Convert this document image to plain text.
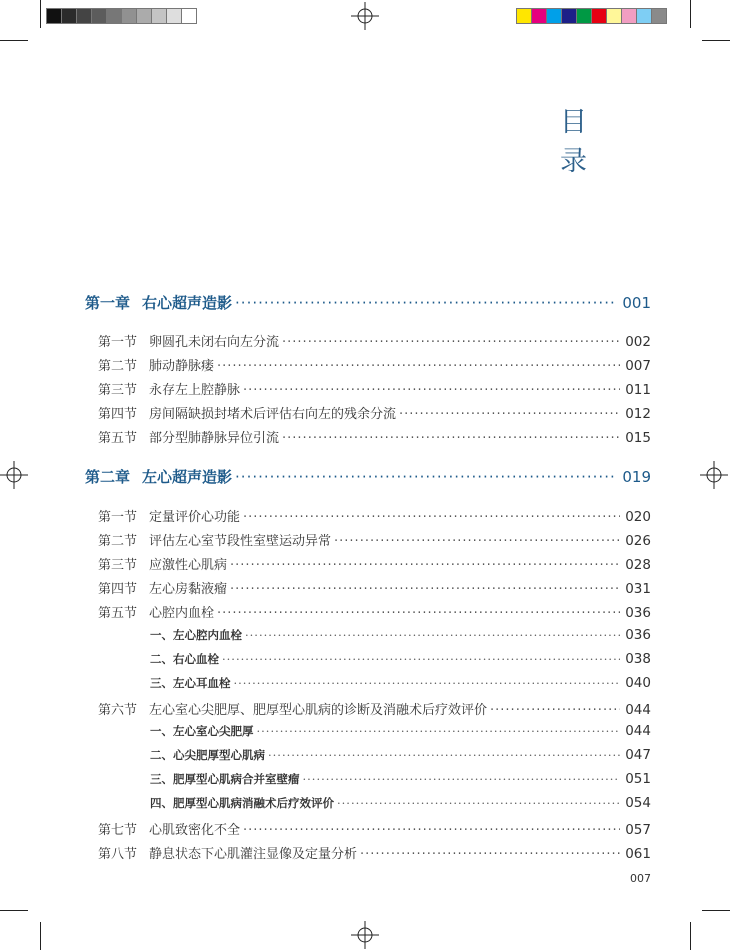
目 录
第一章 右心超声造影 ·····	001
第一节 卵圆孔未闭右向左分流 ·····	002
第二节 肺动静脉瘘 ·····	007
第三节 永存左上腔静脉 ·····	011
第四节 房间隔缺损封堵术后评估右向左的残余分流 ·····	012
第五节 部分型肺静脉异位引流 ·····	015
第二章 左心超声造影 ·····	019
第一节 定量评价心功能 ·····	020
第二节 评估左心室节段性室壁运动异常 ·····	026
第三节 应激性心肌病 ·····	028
第四节 左心房黏液瘤 ·····	031
第五节 心腔内血栓 ·····	036
一、左心腔内血栓 ·····	036
二、右心血栓 ·····	038
三、左心耳血栓 ·····	040
第六节 左心室心尖肥厚、肥厚型心肌病的诊断及消融术后疗效评价 ·····	044
一、左心室心尖肥厚 ·····	044
二、心尖肥厚型心肌病 ·····	047
三、肥厚型心肌病合并室壁瘤 ·····	051
四、肥厚型心肌病消融术后疗效评价 ·····	054
第七节 心肌致密化不全 ·····	057
第八节 静息状态下心肌灌注显像及定量分析 ·····	061
007
